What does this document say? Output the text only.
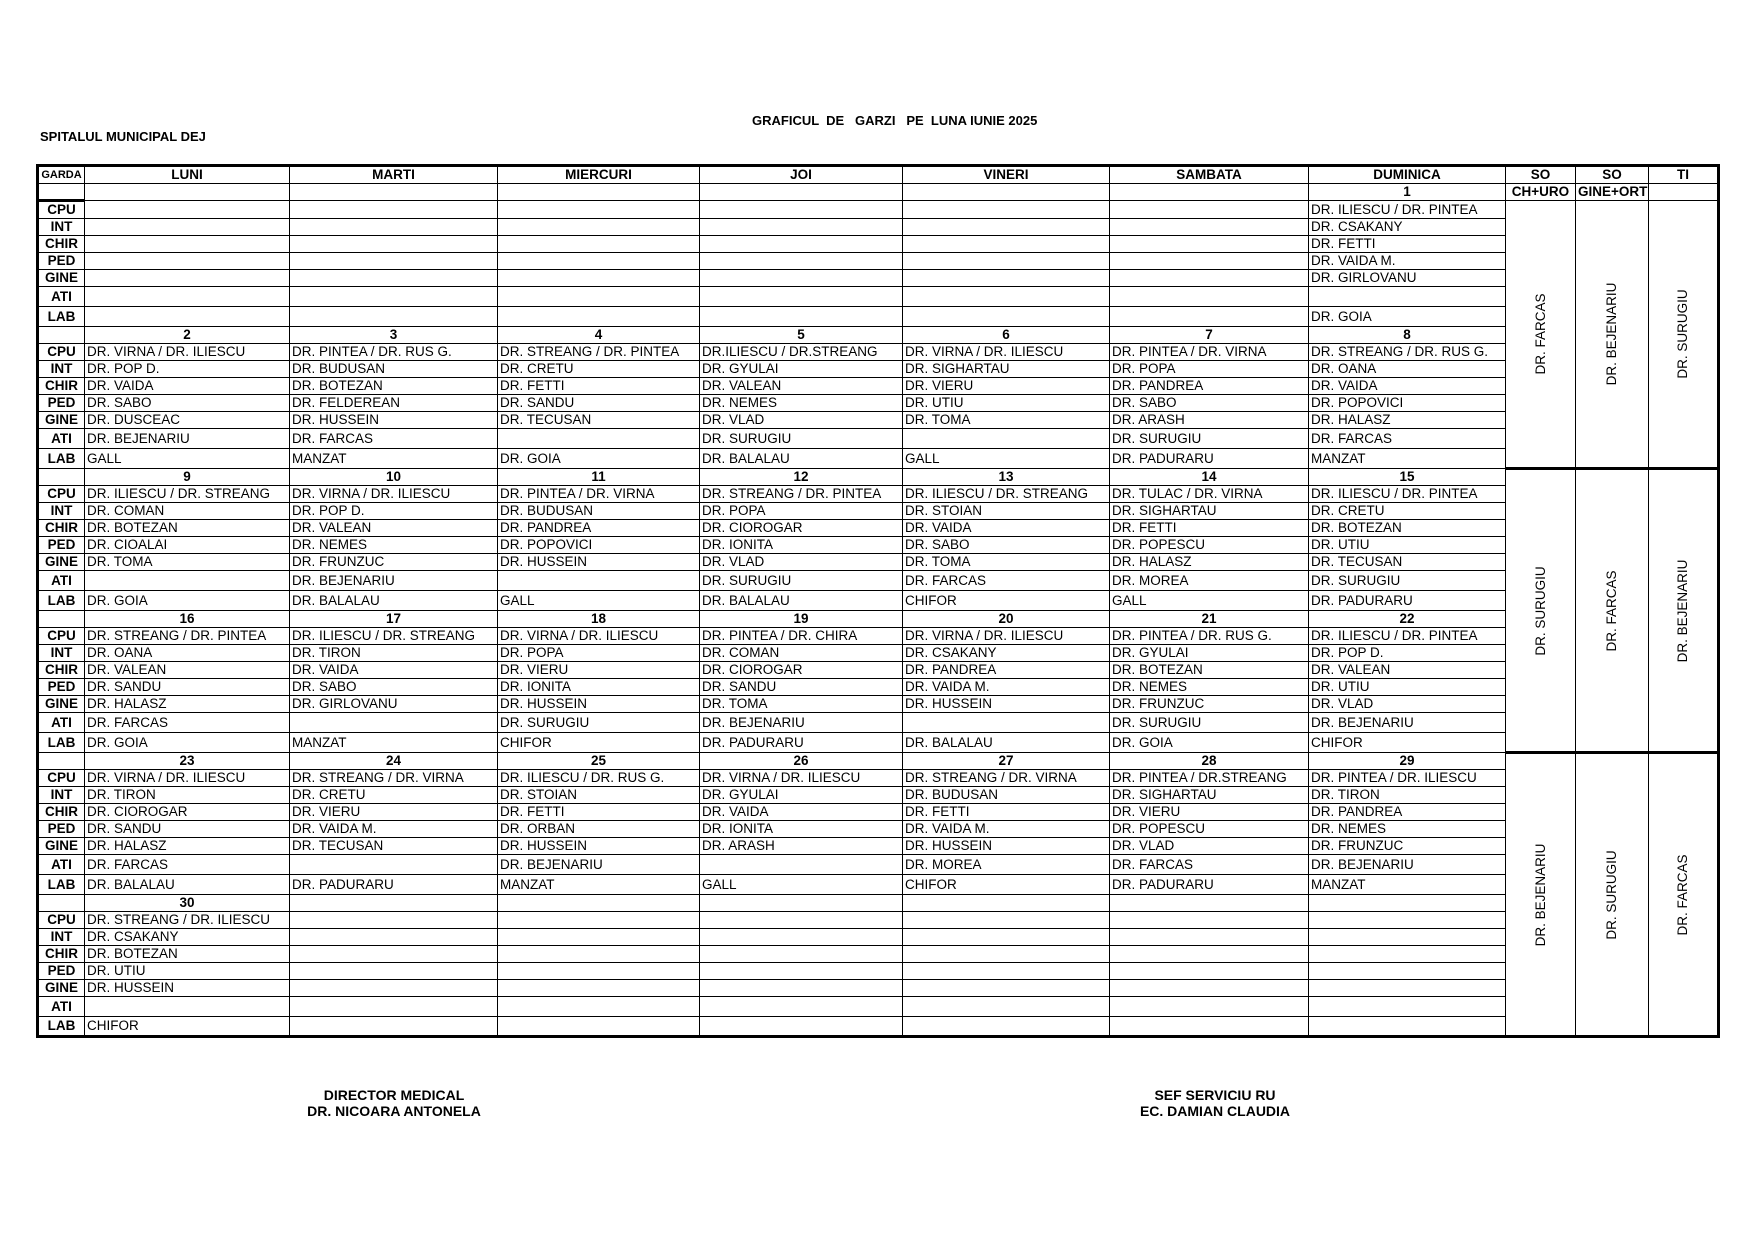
SPITALUL MUNICIPAL DEJ
GRAFICUL  DE   GARZI   PE  LUNA IUNIE 2025
GARDA	LUNI	MARTI	MIERCURI	JOI	VINERI	SAMBATA	DUMINICA	SO	SO	TI
							1	CH+URO	GINE+ORT	
CPU							DR. ILIESCU / DR. PINTEA	DR. FARCAS	DR. BEJENARIU	DR. SURUGIU

INT							DR. CSAKANY			
CHIR							DR. FETTI			
PED							DR. VAIDA M.			
GINE							DR. GIRLOVANU			
ATI										
LAB							DR. GOIA			
	2	3	4	5	6	7	8			
CPU	DR. VIRNA / DR. ILIESCU	DR. PINTEA / DR. RUS G.	DR. STREANG / DR. PINTEA	DR.ILIESCU / DR.STREANG	DR. VIRNA / DR. ILIESCU	DR. PINTEA / DR. VIRNA	DR. STREANG / DR. RUS G.			
INT	DR. POP D.	DR. BUDUSAN	DR. CRETU	DR. GYULAI	DR. SIGHARTAU	DR. POPA	DR. OANA			
CHIR	DR. VAIDA	DR. BOTEZAN	DR. FETTI	DR. VALEAN	DR. VIERU	DR. PANDREA	DR. VAIDA			
PED	DR. SABO	DR. FELDEREAN	DR. SANDU	DR. NEMES	DR. UTIU	DR. SABO	DR. POPOVICI			
GINE	DR. DUSCEAC	DR. HUSSEIN	DR. TECUSAN	DR. VLAD	DR. TOMA	DR. ARASH	DR. HALASZ			
ATI	DR. BEJENARIU	DR. FARCAS		DR. SURUGIU		DR. SURUGIU	DR. FARCAS			
LAB	GALL	MANZAT	DR. GOIA	DR. BALALAU	GALL	DR. PADURARU	MANZAT			
	9	10	11	12	13	14	15	DR. SURUGIU	DR. FARCAS	DR. BEJENARIU

CPU	DR. ILIESCU / DR. STREANG	DR. VIRNA / DR. ILIESCU	DR. PINTEA / DR. VIRNA	DR. STREANG / DR. PINTEA	DR. ILIESCU / DR. STREANG	DR. TULAC / DR. VIRNA	DR. ILIESCU / DR. PINTEA			
INT	DR. COMAN	DR. POP D.	DR. BUDUSAN	DR. POPA	DR. STOIAN	DR. SIGHARTAU	DR. CRETU			
CHIR	DR. BOTEZAN	DR. VALEAN	DR. PANDREA	DR. CIOROGAR	DR. VAIDA	DR. FETTI	DR. BOTEZAN			
PED	DR. CIOALAI	DR. NEMES	DR. POPOVICI	DR. IONITA	DR. SABO	DR. POPESCU	DR. UTIU			
GINE	DR. TOMA	DR. FRUNZUC	DR. HUSSEIN	DR. VLAD	DR. TOMA	DR. HALASZ	DR. TECUSAN			
ATI		DR. BEJENARIU		DR. SURUGIU	DR. FARCAS	DR. MOREA	DR. SURUGIU			
LAB	DR. GOIA	DR. BALALAU	GALL	DR. BALALAU	CHIFOR	GALL	DR. PADURARU			
	16	17	18	19	20	21	22			
CPU	DR. STREANG / DR. PINTEA	DR. ILIESCU / DR. STREANG	DR. VIRNA / DR. ILIESCU	DR. PINTEA / DR. CHIRA	DR. VIRNA / DR. ILIESCU	DR. PINTEA / DR. RUS G.	DR. ILIESCU / DR. PINTEA			
INT	DR. OANA	DR. TIRON	DR. POPA	DR. COMAN	DR. CSAKANY	DR. GYULAI	DR. POP D.			
CHIR	DR. VALEAN	DR. VAIDA	DR. VIERU	DR. CIOROGAR	DR. PANDREA	DR. BOTEZAN	DR. VALEAN			
PED	DR. SANDU	DR. SABO	DR. IONITA	DR. SANDU	DR. VAIDA M.	DR. NEMES	DR. UTIU			
GINE	DR. HALASZ	DR. GIRLOVANU	DR. HUSSEIN	DR. TOMA	DR. HUSSEIN	DR. FRUNZUC	DR. VLAD			
ATI	DR. FARCAS		DR. SURUGIU	DR. BEJENARIU		DR. SURUGIU	DR. BEJENARIU			
LAB	DR. GOIA	MANZAT	CHIFOR	DR. PADURARU	DR. BALALAU	DR. GOIA	CHIFOR			
	23	24	25	26	27	28	29	DR. BEJENARIU	DR. SURUGIU	DR. FARCAS

CPU	DR. VIRNA / DR. ILIESCU	DR. STREANG / DR. VIRNA	DR. ILIESCU / DR. RUS G.	DR. VIRNA / DR. ILIESCU	DR. STREANG / DR. VIRNA	DR. PINTEA / DR.STREANG	DR. PINTEA / DR. ILIESCU			
INT	DR. TIRON	DR. CRETU	DR. STOIAN	DR. GYULAI	DR. BUDUSAN	DR. SIGHARTAU	DR. TIRON			
CHIR	DR. CIOROGAR	DR. VIERU	DR. FETTI	DR. VAIDA	DR. FETTI	DR. VIERU	DR. PANDREA			
PED	DR. SANDU	DR. VAIDA M.	DR. ORBAN	DR. IONITA	DR. VAIDA M.	DR. POPESCU	DR. NEMES			
GINE	DR. HALASZ	DR. TECUSAN	DR. HUSSEIN	DR. ARASH	DR. HUSSEIN	DR. VLAD	DR. FRUNZUC			
ATI	DR. FARCAS		DR. BEJENARIU		DR. MOREA	DR. FARCAS	DR. BEJENARIU			
LAB	DR. BALALAU	DR. PADURARU	MANZAT	GALL	CHIFOR	DR. PADURARU	MANZAT			
	30									
CPU	DR. STREANG / DR. ILIESCU									
INT	DR. CSAKANY									
CHIR	DR. BOTEZAN									
PED	DR. UTIU									
GINE	DR. HUSSEIN									
ATI										
LAB	CHIFOR									
DIRECTOR MEDICAL
DR. NICOARA ANTONELA
SEF SERVICIU RU
EC. DAMIAN CLAUDIA
